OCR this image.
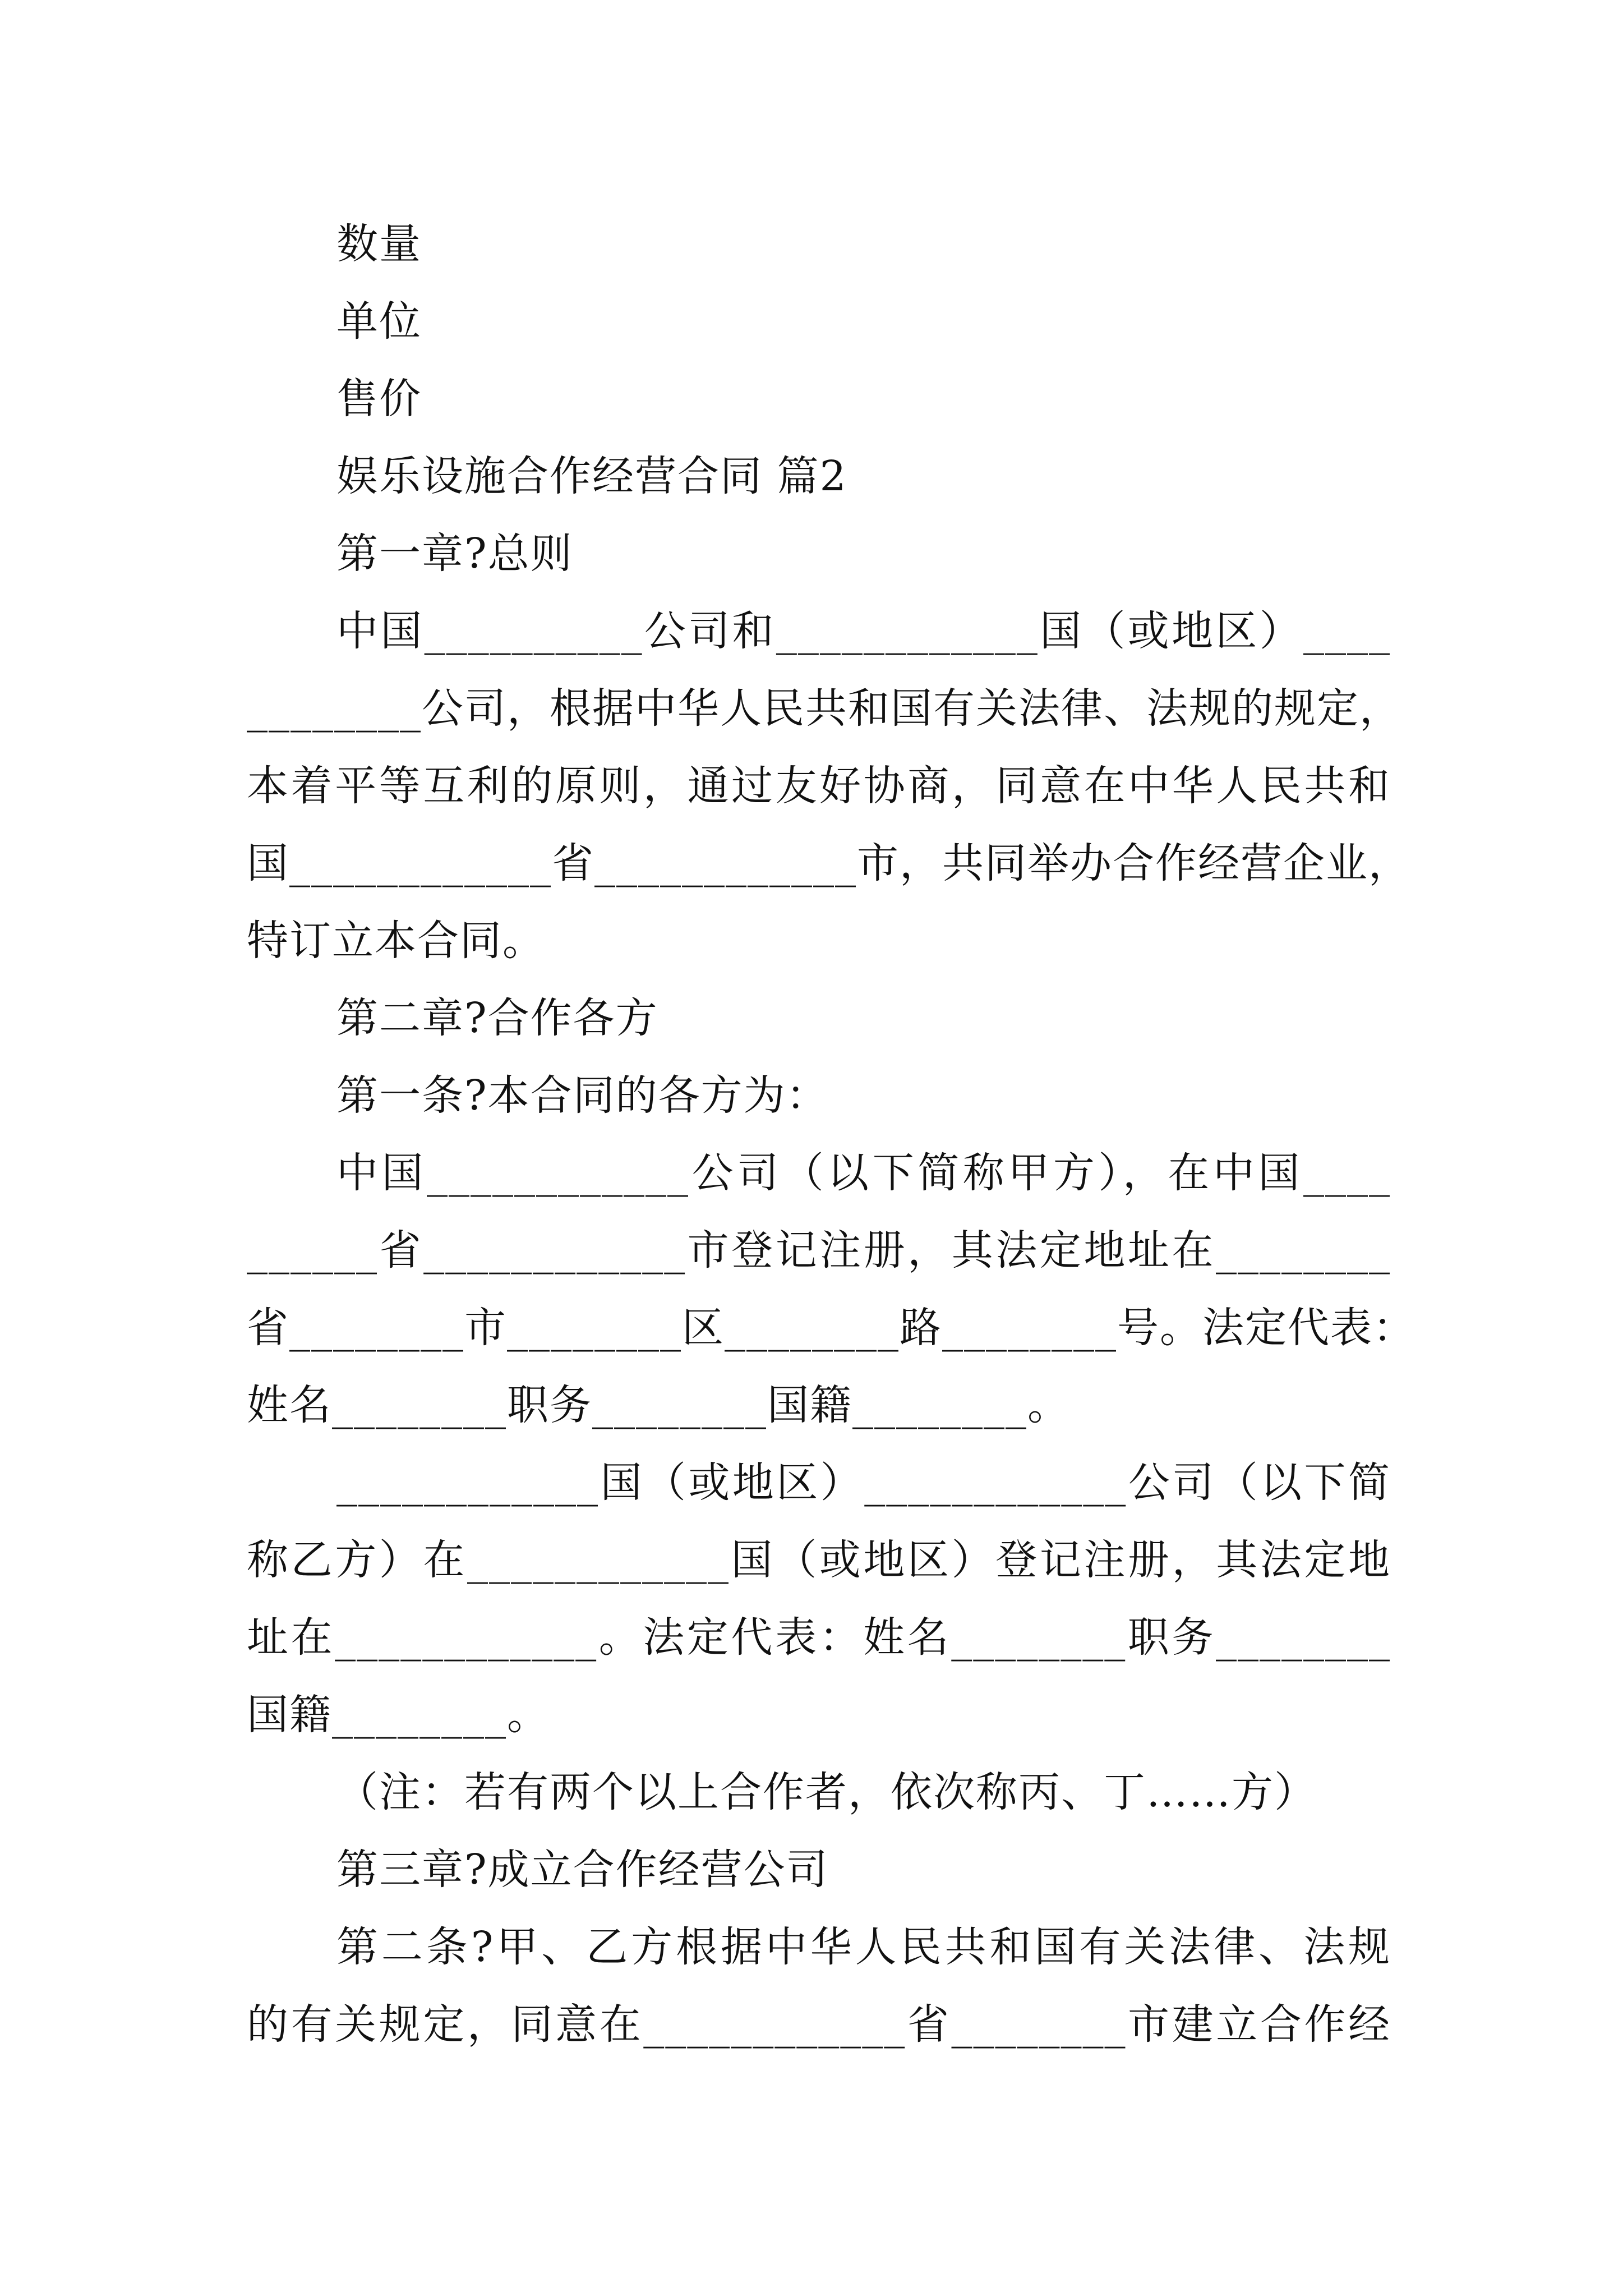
数量
单位
售价
娱乐设施合作经营合同 篇2
第一章?总则
中国__________公司和____________国（或地区）____
________公司，根据中华人民共和国有关法律、法规的规定，
本着平等互利的原则，通过友好协商，同意在中华人民共和
国____________省____________市，共同举办合作经营企业，
特订立本合同。
第二章?合作各方
第一条?本合同的各方为：
中国____________公司（以下简称甲方），在中国____
______省____________市登记注册，其法定地址在________
省________市________区________路________号。法定代表：
姓名________职务________国籍________。
____________国（或地区）____________公司（以下简
称乙方）在____________国（或地区）登记注册，其法定地
址在____________。法定代表：姓名________职务________
国籍________。
（注：若有两个以上合作者，依次称丙、丁……方）
第三章?成立合作经营公司
第二条?甲、乙方根据中华人民共和国有关法律、法规
的有关规定，同意在____________省________市建立合作经
